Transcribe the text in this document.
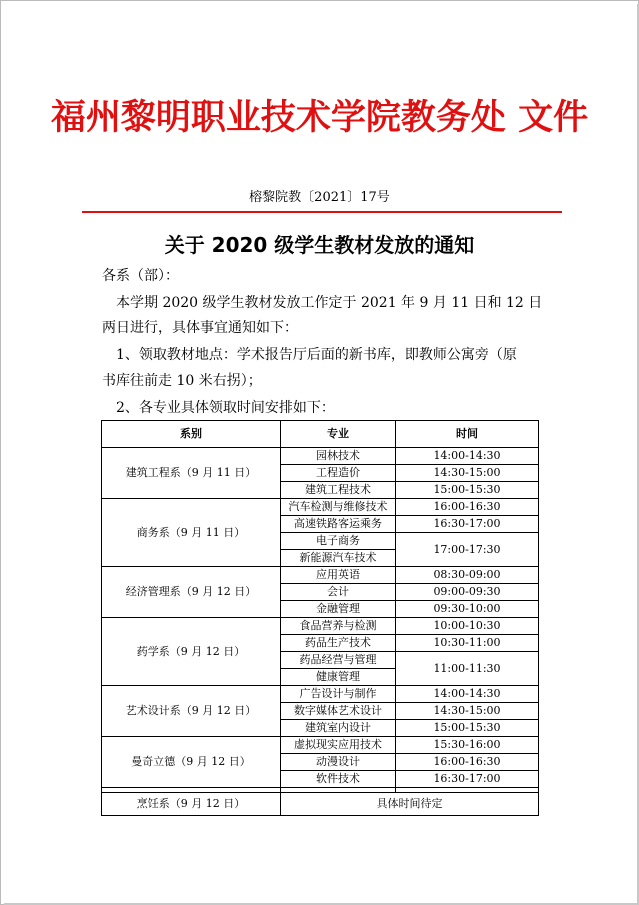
福州黎明职业技术学院教务处 文件
榕黎院教〔2021〕17号
关于 2020 级学生教材发放的通知
各系（部）：
本学期 2020 级学生教材发放工作定于 2021 年 9 月 11 日和 12 日
两日进行，具体事宜通知如下：
1、领取教材地点：学术报告厅后面的新书库，即教师公寓旁（原
书库往前走 10 米右拐）；
2、各专业具体领取时间安排如下：
系别	专业	时间
建筑工程系（9 月 11 日）	园林技术	14:00-14:30
	工程造价	14:30-15:00
	建筑工程技术	15:00-15:30
商务系（9 月 11 日）	汽车检测与维修技术	16:00-16:30
	高速铁路客运乘务	16:30-17:00
	电子商务	17:00-17:30
	新能源汽车技术	
经济管理系（9 月 12 日）	应用英语	08:30-09:00
	会计	09:00-09:30
	金融管理	09:30-10:00
药学系（9 月 12 日）	食品营养与检测	10:00-10:30
	药品生产技术	10:30-11:00
	药品经营与管理	11:00-11:30
	健康管理	
艺术设计系（9 月 12 日）	广告设计与制作	14:00-14:30
	数字媒体艺术设计	14:30-15:00
	建筑室内设计	15:00-15:30
曼奇立德（9 月 12 日）	虚拟现实应用技术	15:30-16:00
	动漫设计	16:00-16:30
	软件技术	16:30-17:00

烹饪系（9 月 12 日）	具体时间待定	
